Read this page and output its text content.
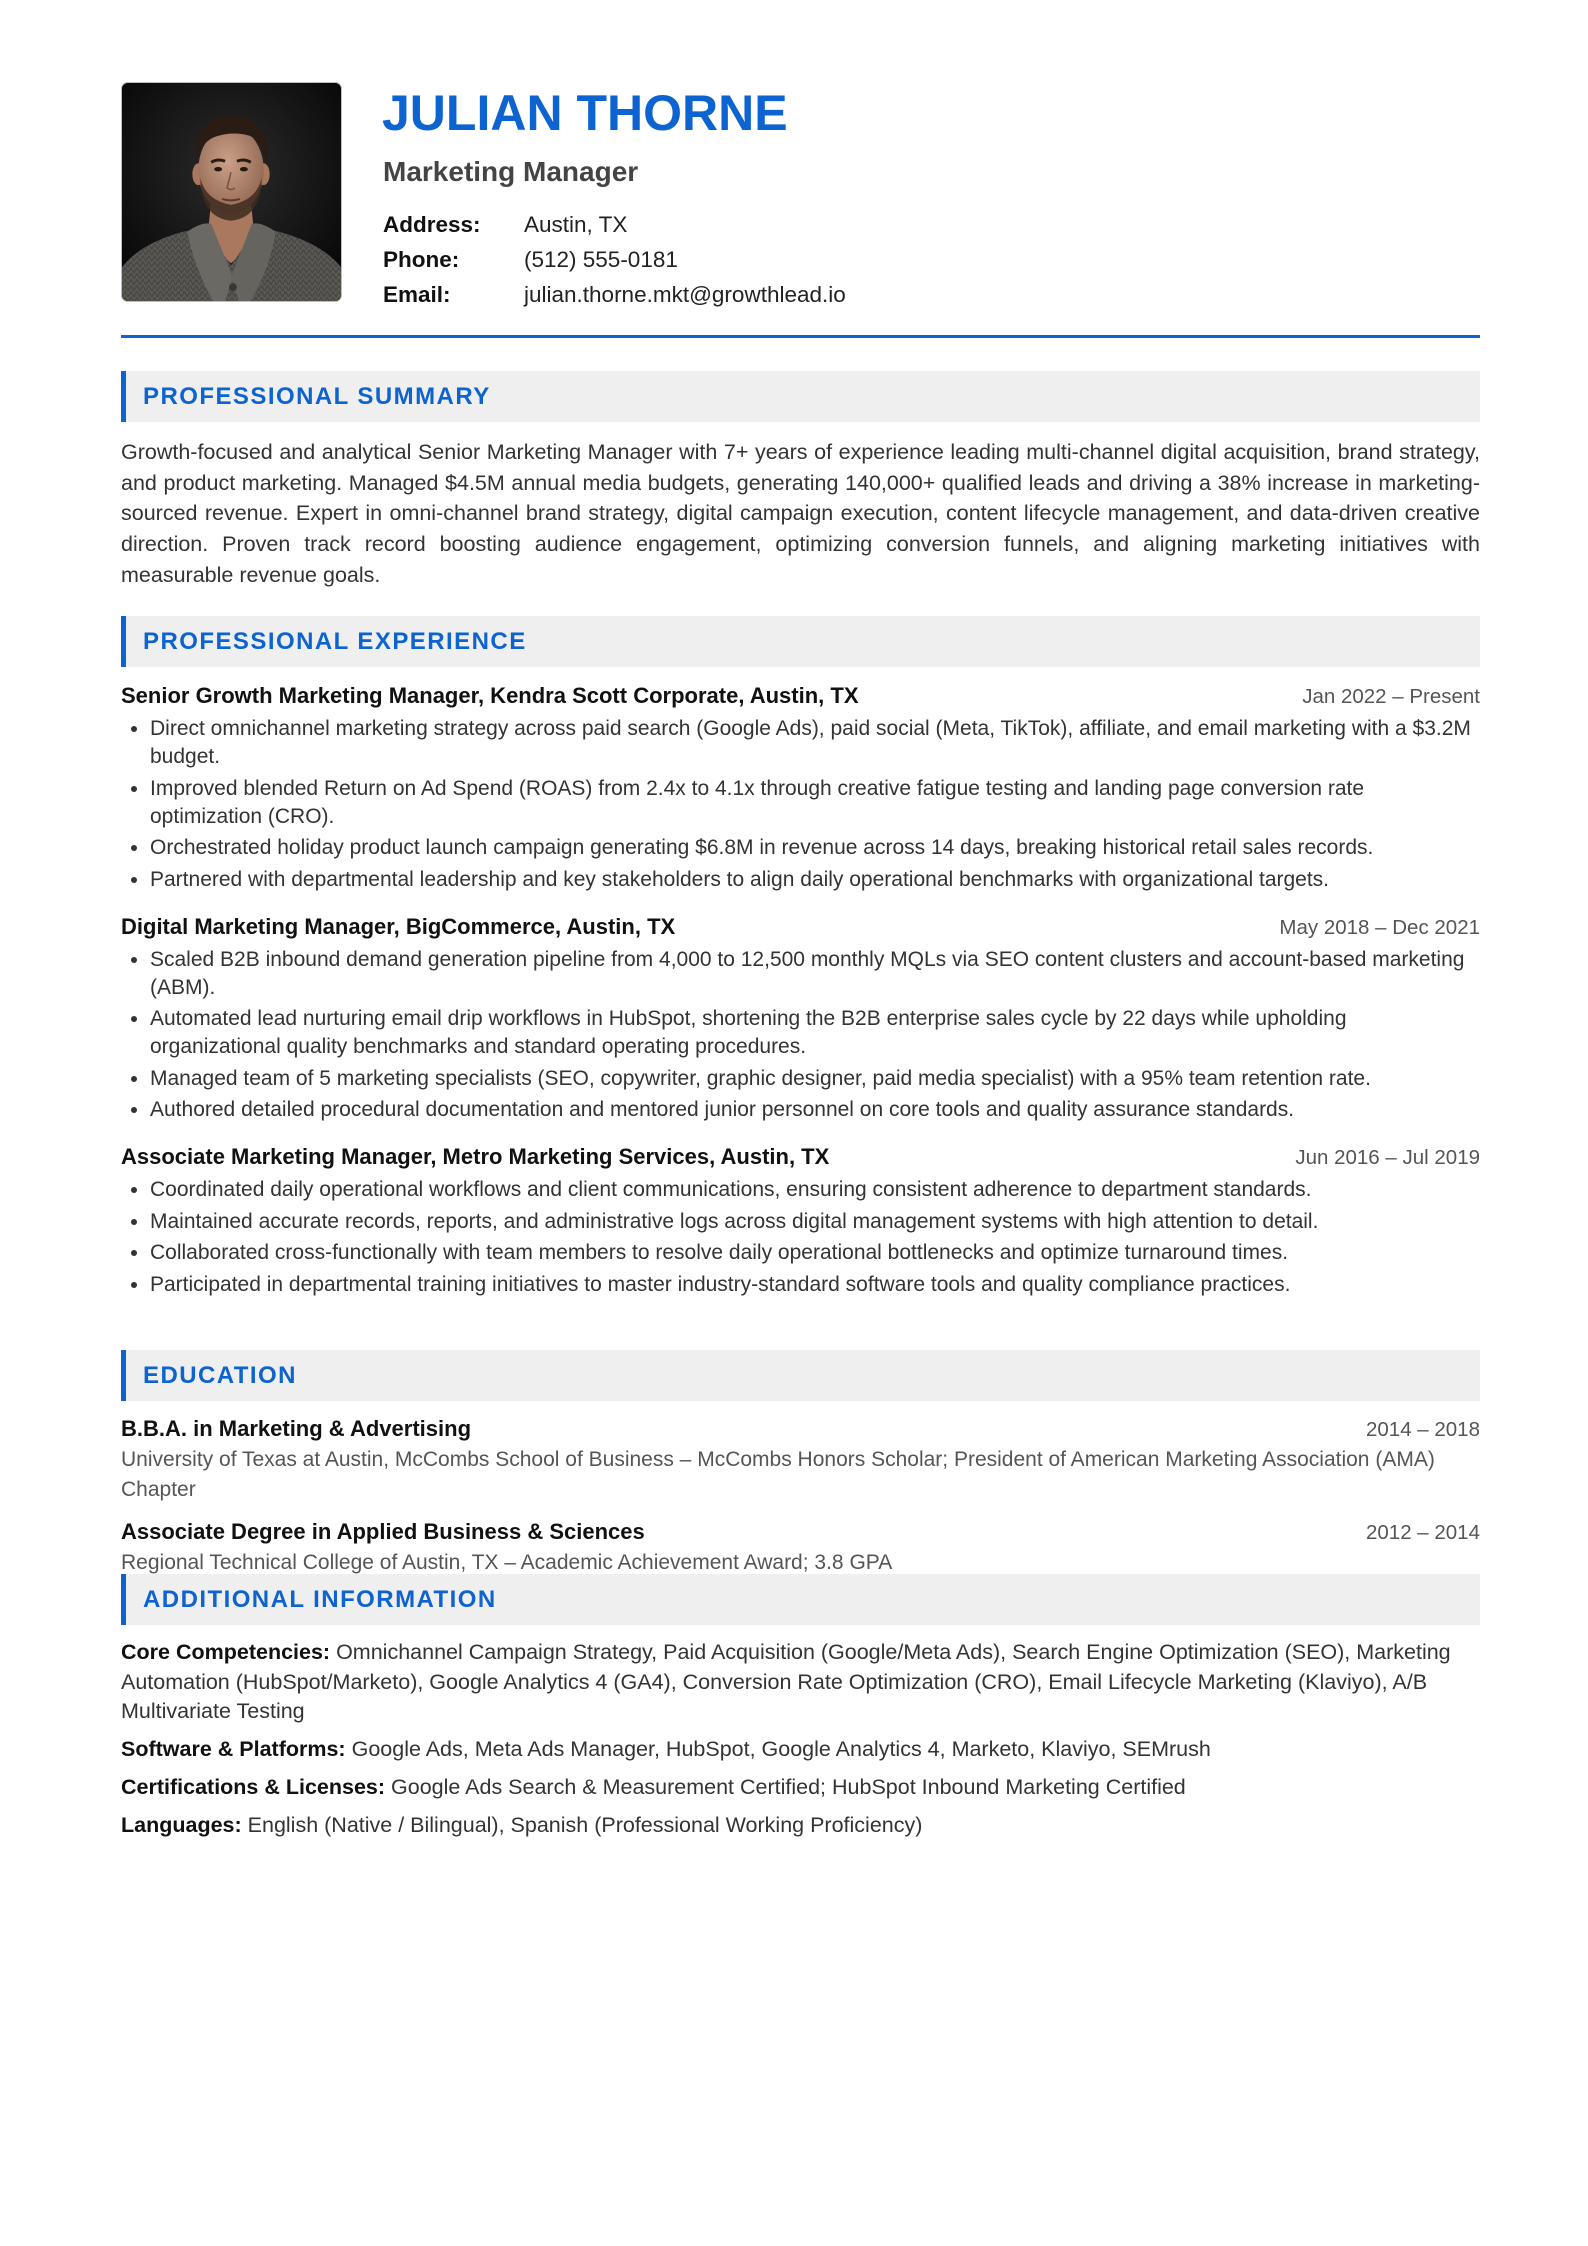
JULIAN THORNE
Marketing Manager
Address:	Austin, TX
Phone:	(512) 555-0181
Email:	julian.thorne.mkt@growthlead.io
PROFESSIONAL SUMMARY

Growth-focused and analytical Senior Marketing Manager with 7+ years of experience leading multi-channel digital acquisition, brand strategy, and product marketing. Managed $4.5M annual media budgets, generating 140,000+ qualified leads and driving a 38% increase in marketing-sourced revenue. Expert in omni-channel brand strategy, digital campaign execution, content lifecycle management, and data-driven creative direction. Proven track record boosting audience engagement, optimizing conversion funnels, and aligning marketing initiatives with measurable revenue goals.

PROFESSIONAL EXPERIENCE
Senior Growth Marketing Manager, Kendra Scott Corporate, Austin, TX	Jan 2022 – Present
• Direct omnichannel marketing strategy across paid search (Google Ads), paid social (Meta, TikTok), affiliate, and email marketing with a $3.2M budget.
• Improved blended Return on Ad Spend (ROAS) from 2.4x to 4.1x through creative fatigue testing and landing page conversion rate optimization (CRO).
• Orchestrated holiday product launch campaign generating $6.8M in revenue across 14 days, breaking historical retail sales records.
• Partnered with departmental leadership and key stakeholders to align daily operational benchmarks with organizational targets.
Digital Marketing Manager, BigCommerce, Austin, TX	May 2018 – Dec 2021
• Scaled B2B inbound demand generation pipeline from 4,000 to 12,500 monthly MQLs via SEO content clusters and account-based marketing (ABM).
• Automated lead nurturing email drip workflows in HubSpot, shortening the B2B enterprise sales cycle by 22 days while upholding organizational quality benchmarks and standard operating procedures.
• Managed team of 5 marketing specialists (SEO, copywriter, graphic designer, paid media specialist) with a 95% team retention rate.
• Authored detailed procedural documentation and mentored junior personnel on core tools and quality assurance standards.
Associate Marketing Manager, Metro Marketing Services, Austin, TX	Jun 2016 – Jul 2019
• Coordinated daily operational workflows and client communications, ensuring consistent adherence to department standards.
• Maintained accurate records, reports, and administrative logs across digital management systems with high attention to detail.
• Collaborated cross-functionally with team members to resolve daily operational bottlenecks and optimize turnaround times.
• Participated in departmental training initiatives to master industry-standard software tools and quality compliance practices.
EDUCATION
B.B.A. in Marketing & Advertising	2014 – 2018
University of Texas at Austin, McCombs School of Business – McCombs Honors Scholar; President of American Marketing Association (AMA) Chapter
Associate Degree in Applied Business & Sciences	2012 – 2014
Regional Technical College of Austin, TX – Academic Achievement Award; 3.8 GPA
ADDITIONAL INFORMATION

Core Competencies: Omnichannel Campaign Strategy, Paid Acquisition (Google/Meta Ads), Search Engine Optimization (SEO), Marketing Automation (HubSpot/Marketo), Google Analytics 4 (GA4), Conversion Rate Optimization (CRO), Email Lifecycle Marketing (Klaviyo), A/B Multivariate Testing

Software & Platforms: Google Ads, Meta Ads Manager, HubSpot, Google Analytics 4, Marketo, Klaviyo, SEMrush

Certifications & Licenses: Google Ads Search & Measurement Certified; HubSpot Inbound Marketing Certified

Languages: English (Native / Bilingual), Spanish (Professional Working Proficiency)
